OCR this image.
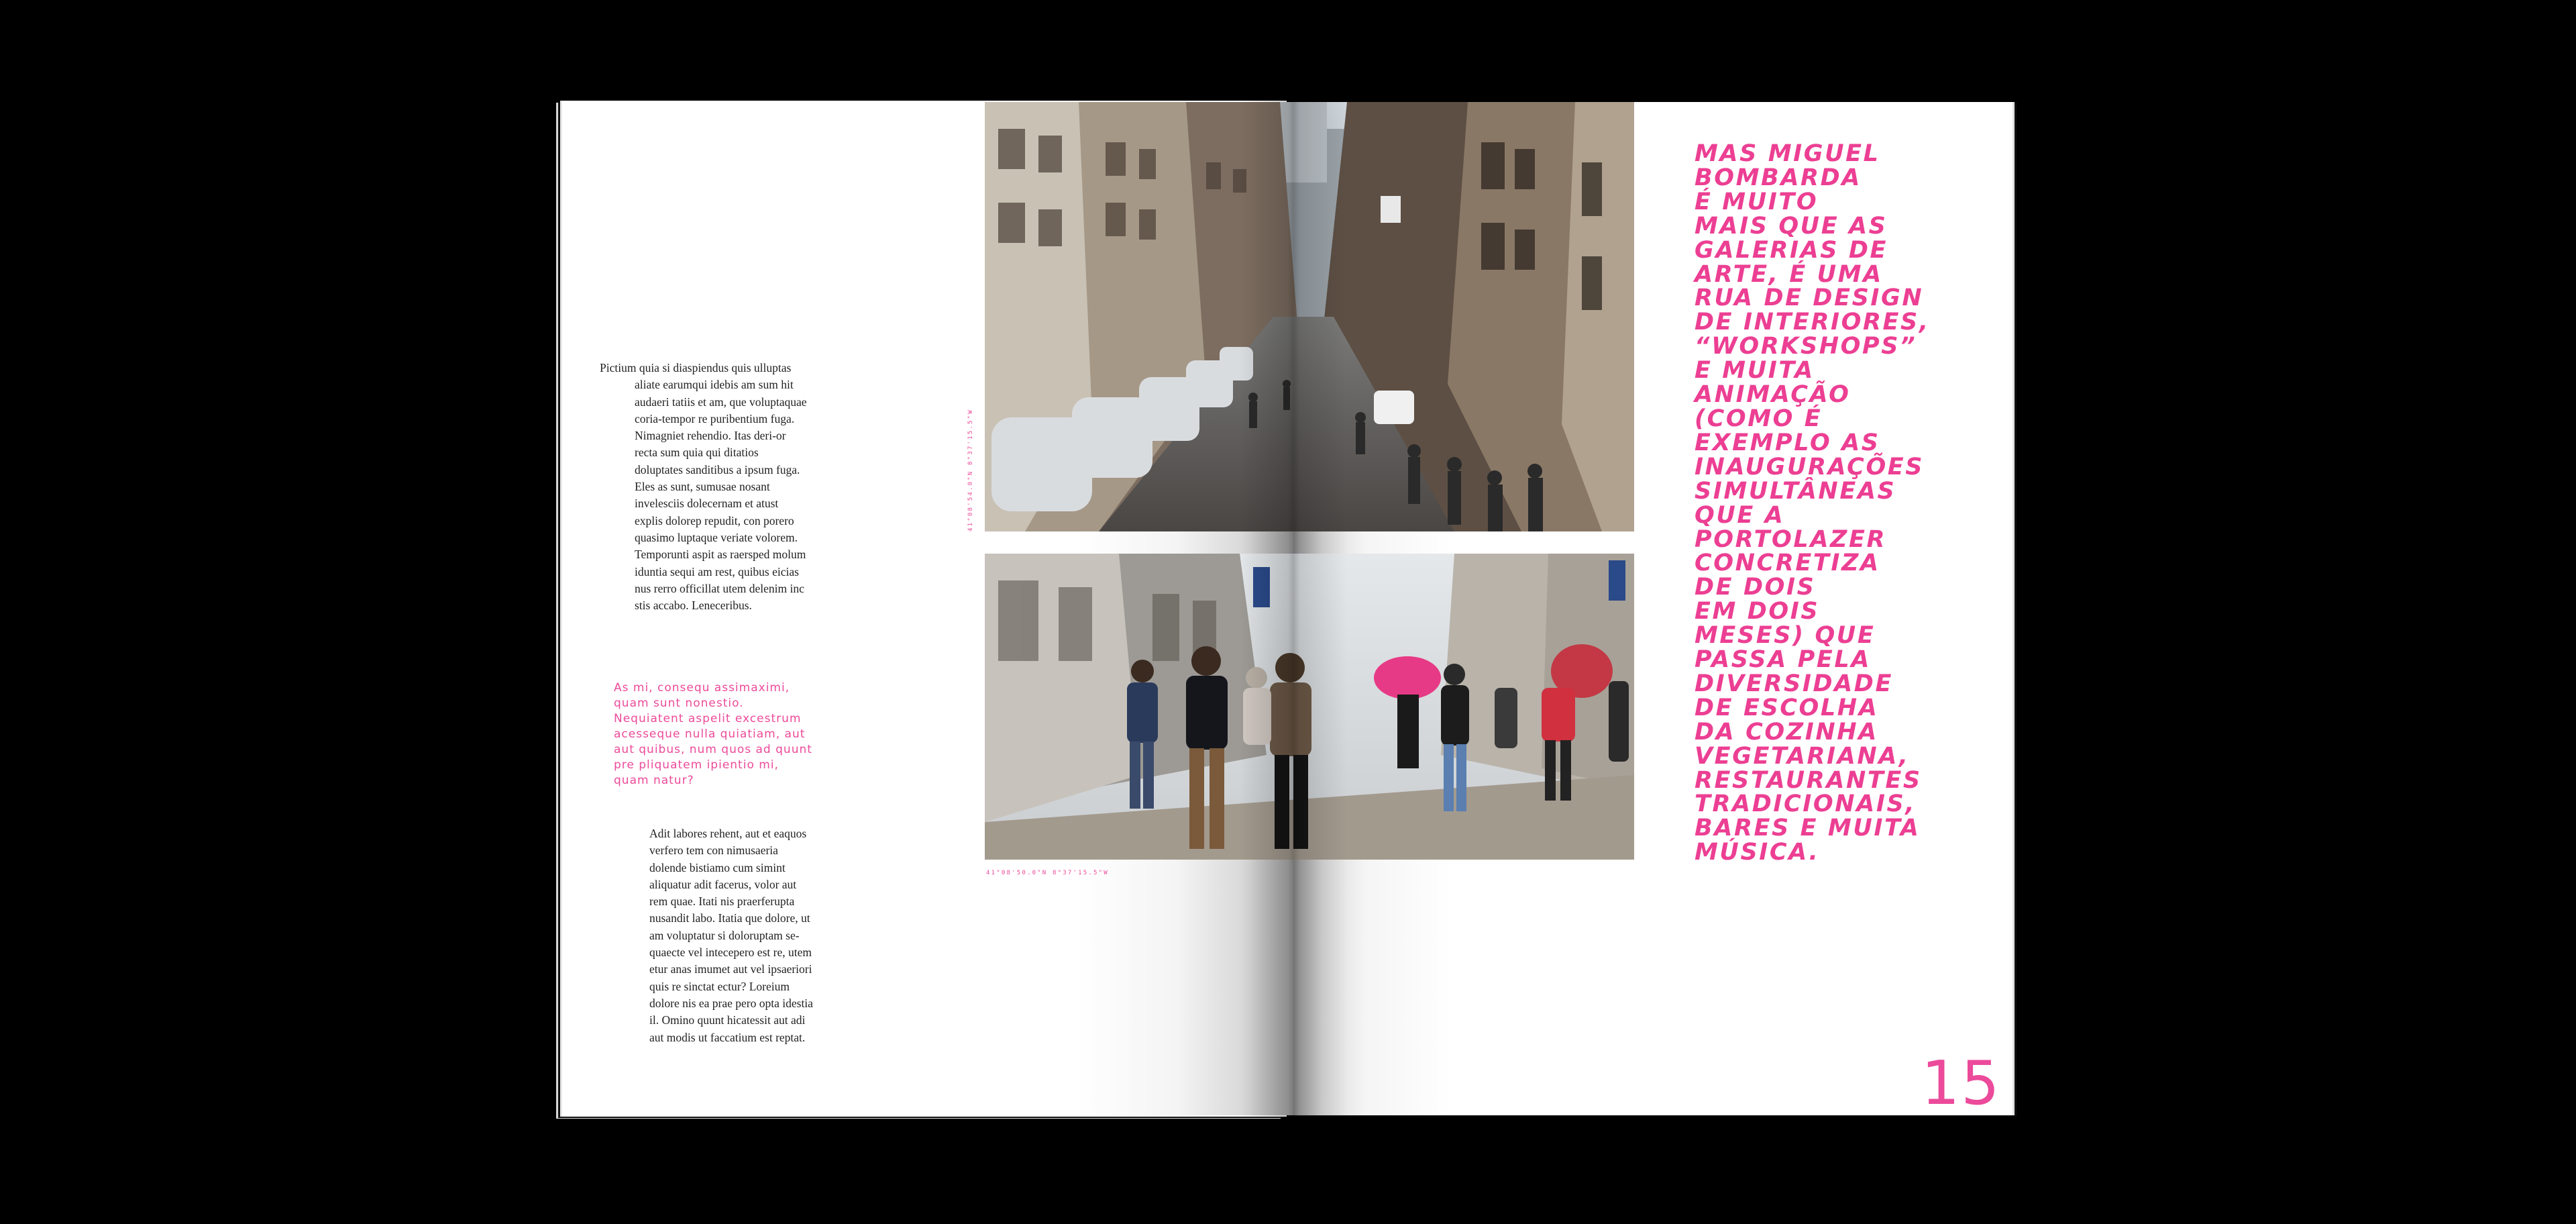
Pictium quia si diaspiendus quis ulluptas aliate earumqui idebis am sum hit audaeri tatiis et am, que voluptaquae coria-tempor re puribentium fuga. Nimagniet rehendio. Itas deri-or recta sum quia qui ditatios doluptates sanditibus a ipsum fuga. Eles as sunt, sumusae nosant invelesciis dolecernam et atust explis dolorep repudit, con porero quasimo luptaque veriate volorem. Temporunti aspit as raersped molum iduntia sequi am rest, quibus eicias nus rerro officillat utem delenim inc stis accabo. Leneceribus.

As mi, consequ assimaximi, quam sunt nonestio. Nequiatent aspelit excestrum acesseque nulla quiatiam, aut aut quibus, num quos ad quunt pre pliquatem ipientio mi, quam natur?

Adit labores rehent, aut et eaquos verfero tem con nimusaeria dolende bistiamo cum simint aliquatur adit facerus, volor aut rem quae. Itati nis praerferupta nusandit labo. Itatia que dolore, ut am voluptatur si doloruptam se-quaecte vel intecepero est re, utem etur anas imumet aut vel ipsaeriori quis re sinctat ectur? Loreium dolore nis ea prae pero opta idestia il. Omino quunt hicatessit aut adi aut modis ut faccatium est reptat.

41°08'54.0"N 8°37'15.5"W
41°08'50.0"N 8°37'15.5"W

MAS MIGUEL
BOMBARDA
É MUITO
MAIS QUE AS
GALERIAS DE
ARTE, É UMA
RUA DE DESIGN
DE INTERIORES,
“WORKSHOPS”
E MUITA
ANIMAÇÃO
(COMO É
EXEMPLO AS
INAUGURAÇÕES
SIMULTÂNEAS
QUE A
PORTOLAZER
CONCRETIZA
DE DOIS
EM DOIS
MESES) QUE
PASSA PELA
DIVERSIDADE
DE ESCOLHA
DA COZINHA
VEGETARIANA,
RESTAURANTES
TRADICIONAIS,
BARES E MUITA
MÚSICA.

15
